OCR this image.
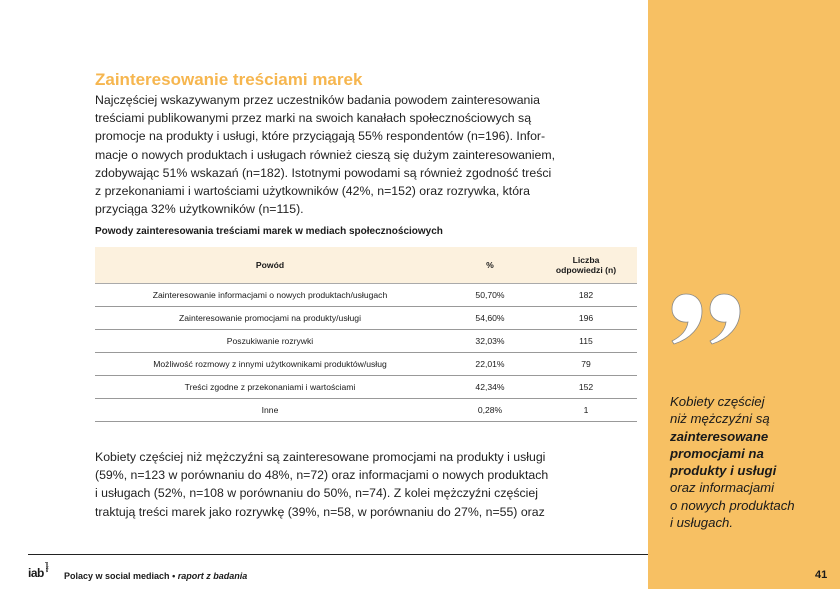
Zainteresowanie treściami marek
Najczęściej wskazywanym przez uczestników badania powodem zainteresowania
treściami publikowanymi przez marki na swoich kanałach społecznościowych są
promocje na produkty i usługi, które przyciągają 55% respondentów (n=196). Infor-
macje o nowych produktach i usługach również cieszą się dużym zainteresowaniem,
zdobywając 51% wskazań (n=182). Istotnymi powodami są również zgodność treści
z przekonaniami i wartościami użytkowników (42%, n=152) oraz rozrywka, która
przyciąga 32% użytkowników (n=115).
Powody zainteresowania treściami marek w mediach społecznościowych
Powód	%	Liczba
odpowiedzi (n)
Zainteresowanie informacjami o nowych produktach/usługach	50,70%	182
Zainteresowanie promocjami na produkty/usługi	54,60%	196
Poszukiwanie rozrywki	32,03%	115
Możliwość rozmowy z innymi użytkownikami produktów/usług	22,01%	79
Treści zgodne z przekonaniami i wartościami	42,34%	152
Inne	0,28%	1
Kobiety częściej niż mężczyźni są zainteresowane promocjami na produkty i usługi
(59%, n=123 w porównaniu do 48%, n=72) oraz informacjami o nowych produktach
i usługach (52%, n=108 w porównaniu do 50%, n=74). Z kolei mężczyźni częściej
traktują treści marek jako rozrywkę (39%, n=58, w porównaniu do 27%, n=55) oraz
Kobiety częściej
niż mężczyźni są
zainteresowane
promocjami na
produkty i usługi
oraz informacjami
o nowych produktach
i usługach.
iab polska
Polacy w social mediach • raport z badania	41
